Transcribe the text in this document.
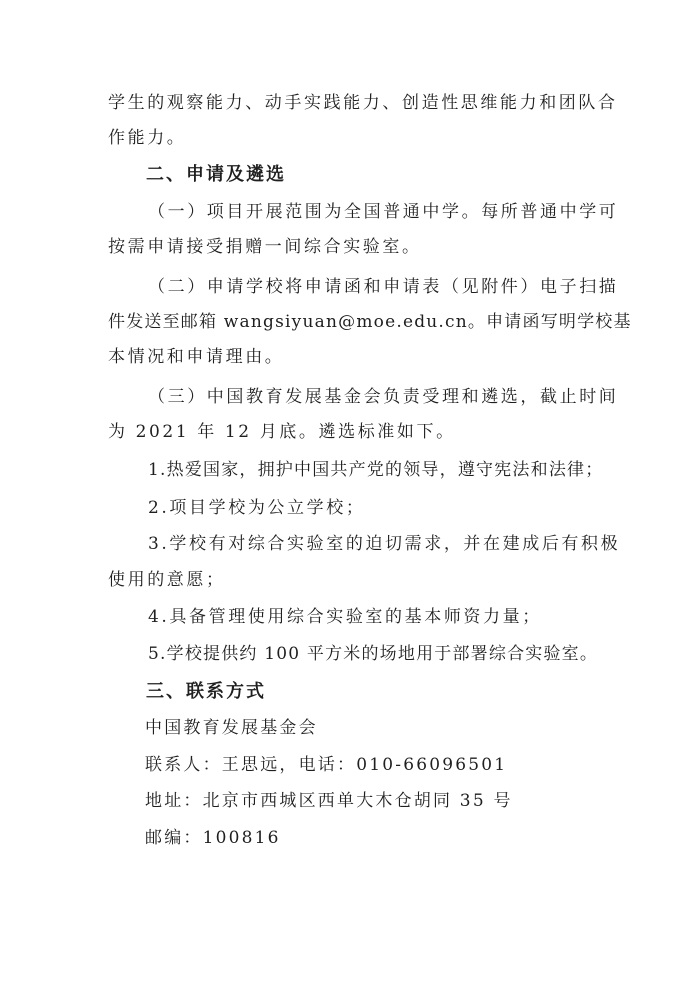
学生的观察能力、动手实践能力、创造性思维能力和团队合
作能力。
二、申请及遴选
（一）项目开展范围为全国普通中学。每所普通中学可
按需申请接受捐赠一间综合实验室。
（二）申请学校将申请函和申请表（见附件）电子扫描
件发送至邮箱 wangsiyuan@moe.edu.cn。申请函写明学校基
本情况和申请理由。
（三）中国教育发展基金会负责受理和遴选，截止时间
为 2021 年 12 月底。遴选标准如下。
1.热爱国家，拥护中国共产党的领导，遵守宪法和法律；
2.项目学校为公立学校；
3.学校有对综合实验室的迫切需求，并在建成后有积极
使用的意愿；
4.具备管理使用综合实验室的基本师资力量；
5.学校提供约 100 平方米的场地用于部署综合实验室。
三、联系方式
中国教育发展基金会
联系人：王思远，电话：010-66096501
地址：北京市西城区西单大木仓胡同 35 号
邮编：100816
